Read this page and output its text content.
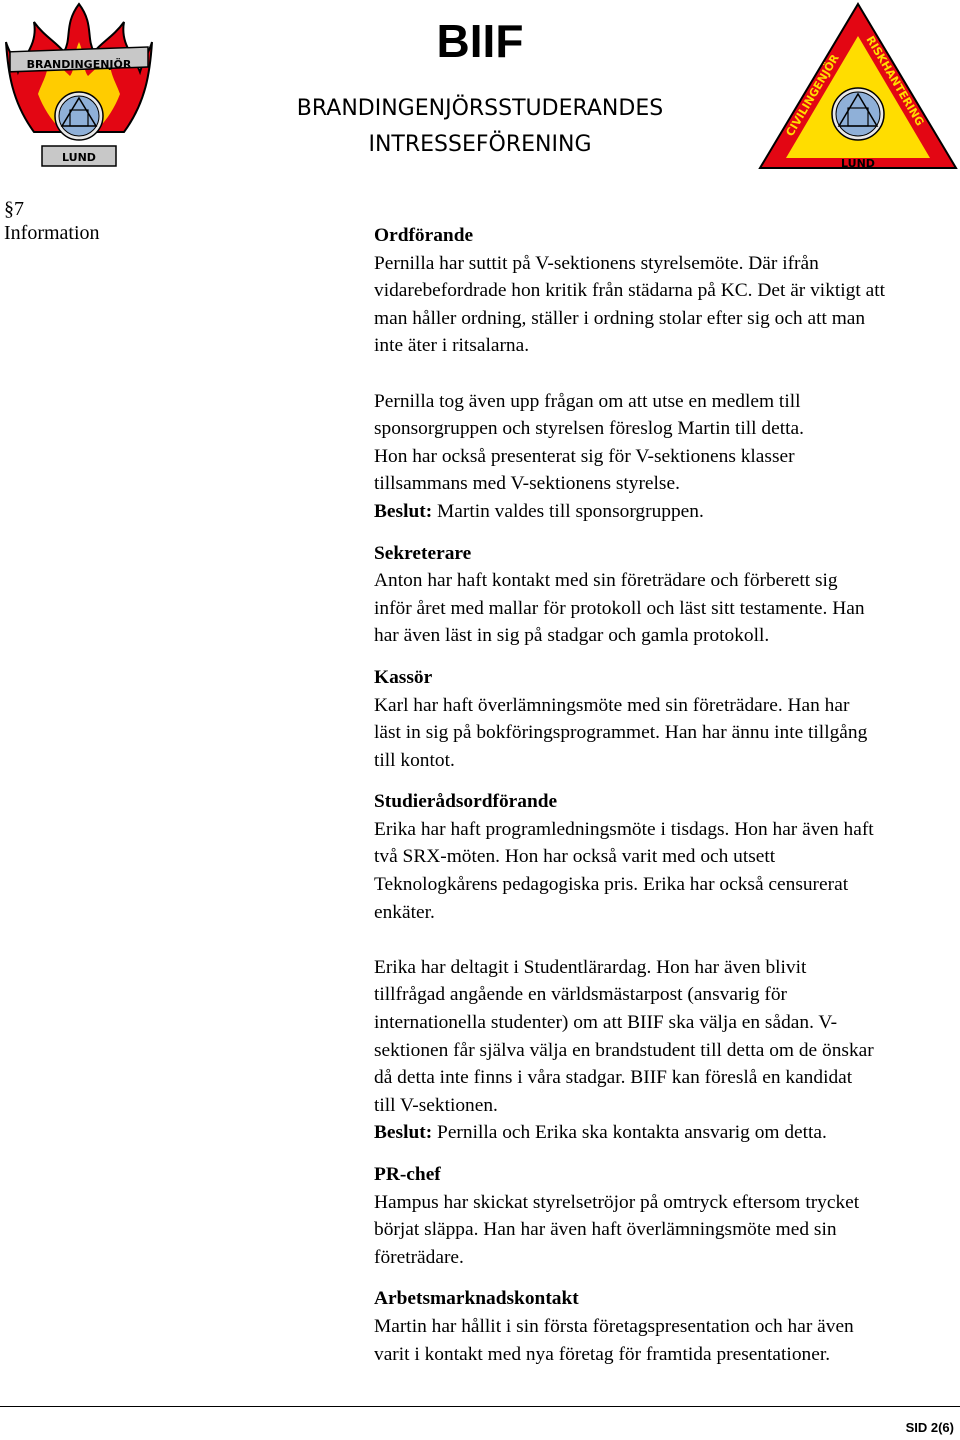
BRANDINGENJÖR
LUND
BIIF
BRANDINGENJÖRSSTUDERANDES
INTRESSEFÖRENING
CIVILINGENJÖR
RISKHANTERING
LUND
§7
Information	Ordförande

Pernilla har suttit på V-sektionens styrelsemöte. Där ifrån
vidarebefordrade hon kritik från städarna på KC. Det är viktigt att
man håller ordning, ställer i ordning stolar efter sig och att man
inte äter i ritsalarna.

Pernilla tog även upp frågan om att utse en medlem till
sponsorgruppen och styrelsen föreslog Martin till detta.
Hon har också presenterat sig för V-sektionens klasser
tillsammans med V-sektionens styrelse.

Beslut: Martin valdes till sponsorgruppen.

Sekreterare

Anton har haft kontakt med sin företrädare och förberett sig
inför året med mallar för protokoll och läst sitt testamente. Han
har även läst in sig på stadgar och gamla protokoll.

Kassör

Karl har haft överlämningsmöte med sin företrädare. Han har
läst in sig på bokföringsprogrammet. Han har ännu inte tillgång
till kontot.

Studierådsordförande

Erika har haft programledningsmöte i tisdags. Hon har även haft
två SRX-möten. Hon har också varit med och utsett
Teknologkårens pedagogiska pris. Erika har också censurerat
enkäter.

Erika har deltagit i Studentlärardag. Hon har även blivit
tillfrågad angående en världsmästarpost (ansvarig för
internationella studenter) om att BIIF ska välja en sådan. V-
sektionen får själva välja en brandstudent till detta om de önskar
då detta inte finns i våra stadgar. BIIF kan föreslå en kandidat
till V-sektionen.

Beslut: Pernilla och Erika ska kontakta ansvarig om detta.

PR-chef

Hampus har skickat styrelsetröjor på omtryck eftersom trycket
börjat släppa. Han har även haft överlämningsmöte med sin
företrädare.

Arbetsmarknadskontakt

Martin har hållit i sin första företagspresentation och har även
varit i kontakt med nya företag för framtida presentationer.

SID 2(6)
